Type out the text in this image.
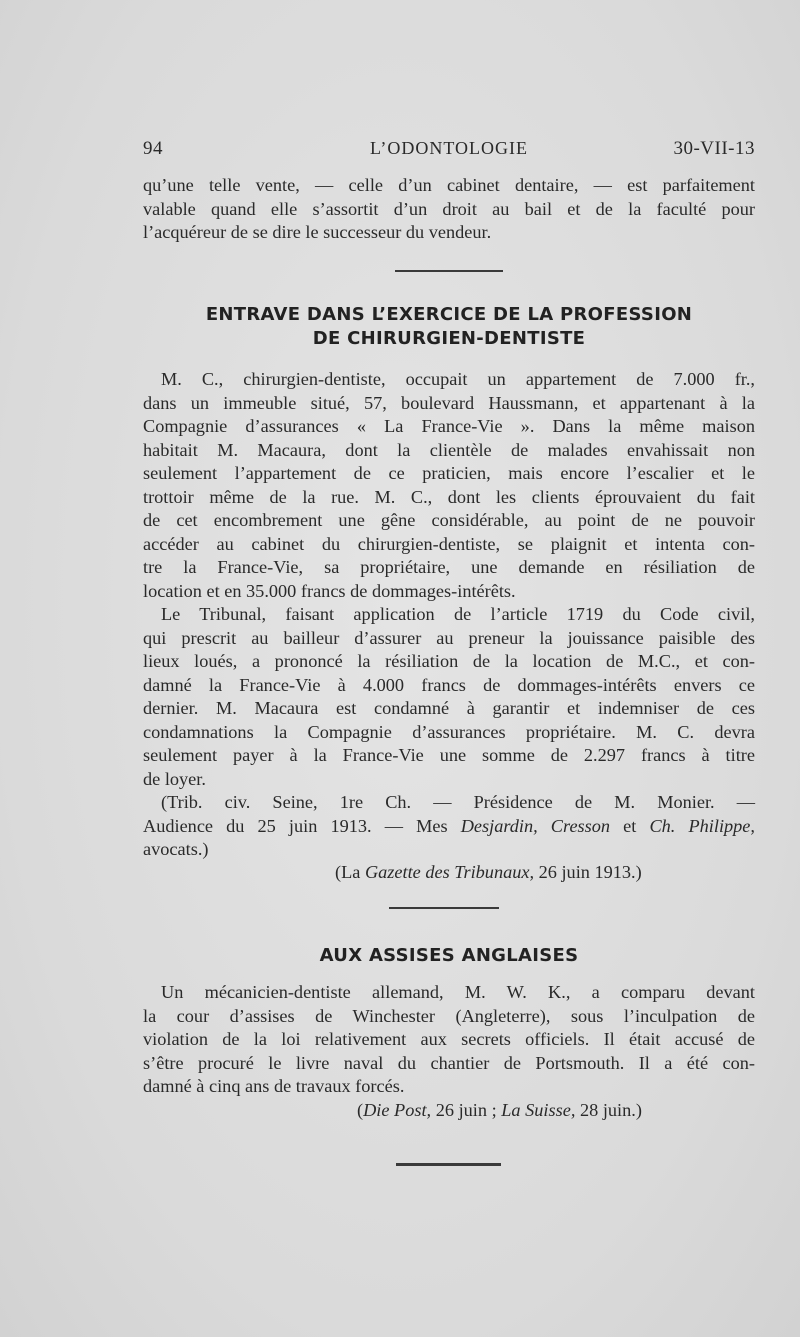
94	L’ODONTOLOGIE	30-VII-13
qu’une telle vente, — celle d’un cabinet dentaire, — est parfaitement
valable quand elle s’assortit d’un droit au bail et de la faculté pour
l’acquéreur de se dire le successeur du vendeur.
ENTRAVE DANS L’EXERCICE DE LA PROFESSION
DE CHIRURGIEN-DENTISTE
M. C., chirurgien-dentiste, occupait un appartement de 7.000 fr.,
dans un immeuble situé, 57, boulevard Haussmann, et appartenant à la
Compagnie d’assurances « La France-Vie ». Dans la même maison
habitait M. Macaura, dont la clientèle de malades envahissait non
seulement l’appartement de ce praticien, mais encore l’escalier et le
trottoir même de la rue. M. C., dont les clients éprouvaient du fait
de cet encombrement une gêne considérable, au point de ne pouvoir
accéder au cabinet du chirurgien-dentiste, se plaignit et intenta con-
tre la France-Vie, sa propriétaire, une demande en résiliation de
location et en 35.000 francs de dommages-intérêts.
Le Tribunal, faisant application de l’article 1719 du Code civil,
qui prescrit au bailleur d’assurer au preneur la jouissance paisible des
lieux loués, a prononcé la résiliation de la location de M.C., et con-
damné la France-Vie à 4.000 francs de dommages-intérêts envers ce
dernier. M. Macaura est condamné à garantir et indemniser de ces
condamnations la Compagnie d’assurances propriétaire. M. C. devra
seulement payer à la France-Vie une somme de 2.297 francs à titre
de loyer.
(Trib. civ. Seine, 1re Ch. — Présidence de M. Monier. —
Audience du 25 juin 1913. — Mes Desjardin, Cresson et Ch. Philippe,
avocats.)
(La Gazette des Tribunaux, 26 juin 1913.)
AUX ASSISES ANGLAISES
Un mécanicien-dentiste allemand, M. W. K., a comparu devant
la cour d’assises de Winchester (Angleterre), sous l’inculpation de
violation de la loi relativement aux secrets officiels. Il était accusé de
s’être procuré le livre naval du chantier de Portsmouth. Il a été con-
damné à cinq ans de travaux forcés.
(Die Post, 26 juin ; La Suisse, 28 juin.)
